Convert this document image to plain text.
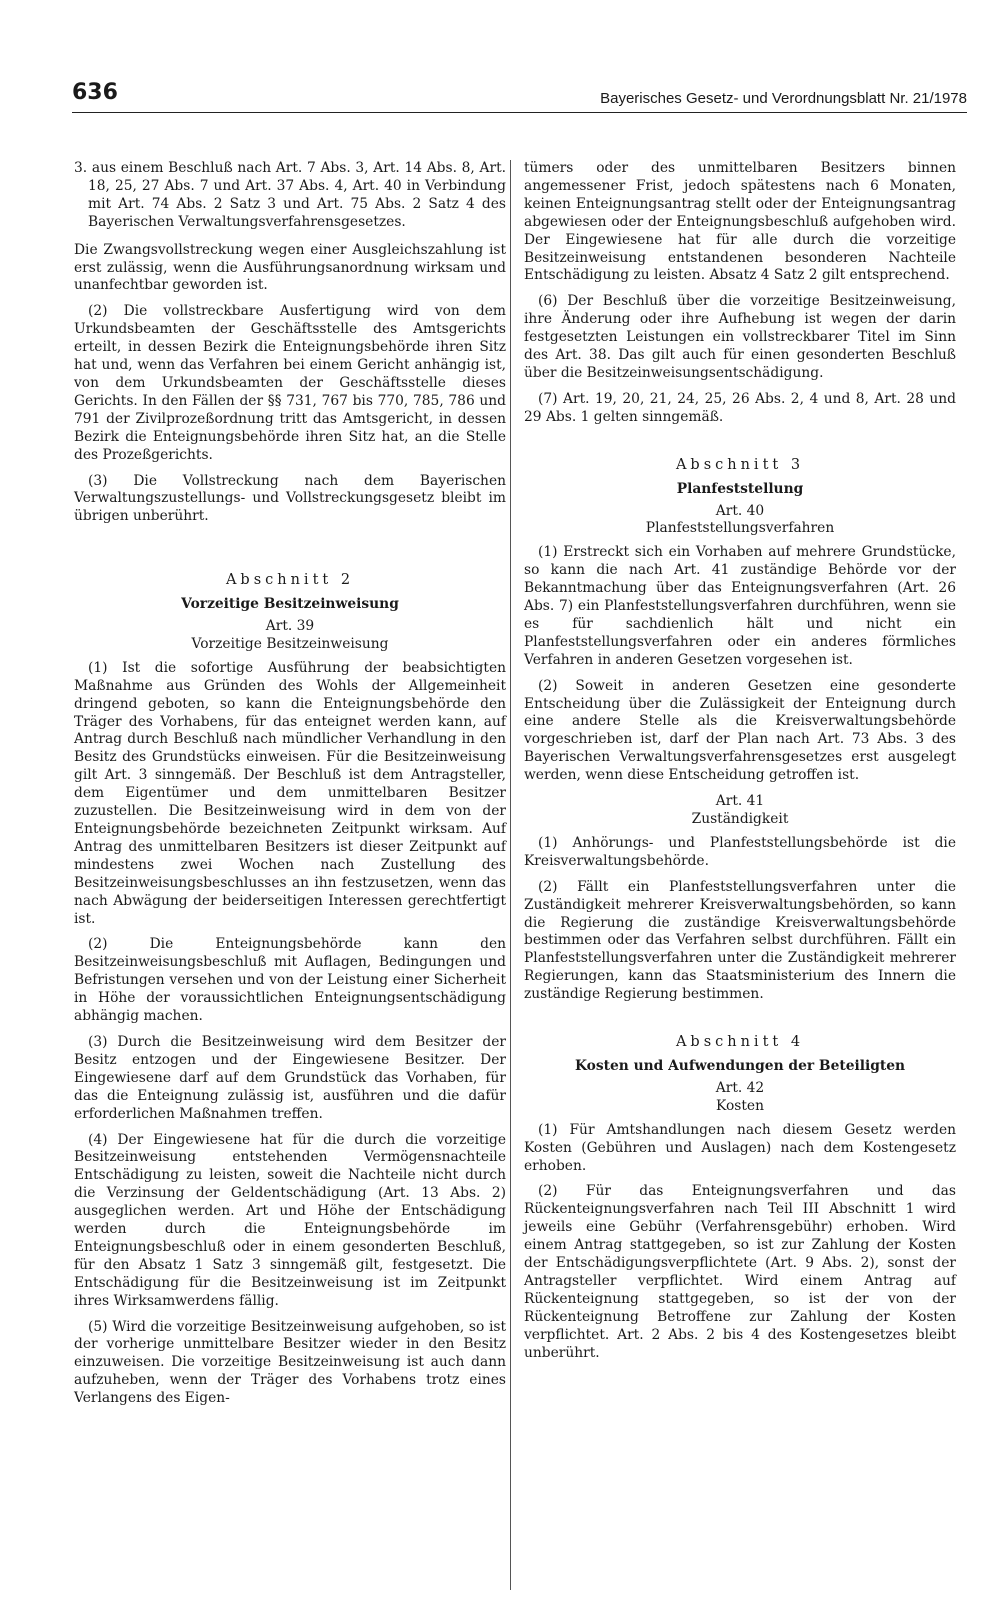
636	Bayerisches Gesetz- und Verordnungsblatt Nr. 21/1978

3. aus einem Beschluß nach Art. 7 Abs. 3, Art. 14 Abs. 8, Art. 18, 25, 27 Abs. 7 und Art. 37 Abs. 4, Art. 40 in Verbindung mit Art. 74 Abs. 2 Satz 3 und Art. 75 Abs. 2 Satz 4 des Bayerischen Verwaltungsverfahrensgesetzes.

Die Zwangsvollstreckung wegen einer Ausgleichszahlung ist erst zulässig, wenn die Ausführungsanordnung wirksam und unanfechtbar geworden ist.

(2) Die vollstreckbare Ausfertigung wird von dem Urkundsbeamten der Geschäftsstelle des Amtsgerichts erteilt, in dessen Bezirk die Enteignungsbehörde ihren Sitz hat und, wenn das Verfahren bei einem Gericht anhängig ist, von dem Urkundsbeamten der Geschäftsstelle dieses Gerichts. In den Fällen der §§ 731, 767 bis 770, 785, 786 und 791 der Zivilprozeßordnung tritt das Amtsgericht, in dessen Bezirk die Enteignungsbehörde ihren Sitz hat, an die Stelle des Prozeßgerichts.

(3) Die Vollstreckung nach dem Bayerischen Verwaltungszustellungs- und Vollstreckungsgesetz bleibt im übrigen unberührt.

Abschnitt 2
Vorzeitige Besitzeinweisung
Art. 39
Vorzeitige Besitzeinweisung

(1) Ist die sofortige Ausführung der beabsichtigten Maßnahme aus Gründen des Wohls der Allgemeinheit dringend geboten, so kann die Enteignungsbehörde den Träger des Vorhabens, für das enteignet werden kann, auf Antrag durch Beschluß nach mündlicher Verhandlung in den Besitz des Grundstücks einweisen. Für die Besitzeinweisung gilt Art. 3 sinngemäß. Der Beschluß ist dem Antragsteller, dem Eigentümer und dem unmittelbaren Besitzer zuzustellen. Die Besitzeinweisung wird in dem von der Enteignungsbehörde bezeichneten Zeitpunkt wirksam. Auf Antrag des unmittelbaren Besitzers ist dieser Zeitpunkt auf mindestens zwei Wochen nach Zustellung des Besitzeinweisungsbeschlusses an ihn festzusetzen, wenn das nach Abwägung der beiderseitigen Interessen gerechtfertigt ist.

(2) Die Enteignungsbehörde kann den Besitzeinweisungsbeschluß mit Auflagen, Bedingungen und Befristungen versehen und von der Leistung einer Sicherheit in Höhe der voraussichtlichen Enteignungsentschädigung abhängig machen.

(3) Durch die Besitzeinweisung wird dem Besitzer der Besitz entzogen und der Eingewiesene Besitzer. Der Eingewiesene darf auf dem Grundstück das Vorhaben, für das die Enteignung zulässig ist, ausführen und die dafür erforderlichen Maßnahmen treffen.

(4) Der Eingewiesene hat für die durch die vorzeitige Besitzeinweisung entstehenden Vermögensnachteile Entschädigung zu leisten, soweit die Nachteile nicht durch die Verzinsung der Geldentschädigung (Art. 13 Abs. 2) ausgeglichen werden. Art und Höhe der Entschädigung werden durch die Enteignungsbehörde im Enteignungsbeschluß oder in einem gesonderten Beschluß, für den Absatz 1 Satz 3 sinngemäß gilt, festgesetzt. Die Entschädigung für die Besitzeinweisung ist im Zeitpunkt ihres Wirksamwerdens fällig.

(5) Wird die vorzeitige Besitzeinweisung aufgehoben, so ist der vorherige unmittelbare Besitzer wieder in den Besitz einzuweisen. Die vorzeitige Besitzeinweisung ist auch dann aufzuheben, wenn der Träger des Vorhabens trotz eines Verlangens des Eigen-

tümers oder des unmittelbaren Besitzers binnen angemessener Frist, jedoch spätestens nach 6 Monaten, keinen Enteignungsantrag stellt oder der Enteignungsantrag abgewiesen oder der Enteignungsbeschluß aufgehoben wird. Der Eingewiesene hat für alle durch die vorzeitige Besitzeinweisung entstandenen besonderen Nachteile Entschädigung zu leisten. Absatz 4 Satz 2 gilt entsprechend.

(6) Der Beschluß über die vorzeitige Besitzeinweisung, ihre Änderung oder ihre Aufhebung ist wegen der darin festgesetzten Leistungen ein vollstreckbarer Titel im Sinn des Art. 38. Das gilt auch für einen gesonderten Beschluß über die Besitzeinweisungsentschädigung.

(7) Art. 19, 20, 21, 24, 25, 26 Abs. 2, 4 und 8, Art. 28 und 29 Abs. 1 gelten sinngemäß.

Abschnitt 3
Planfeststellung
Art. 40
Planfeststellungsverfahren

(1) Erstreckt sich ein Vorhaben auf mehrere Grundstücke, so kann die nach Art. 41 zuständige Behörde vor der Bekanntmachung über das Enteignungsverfahren (Art. 26 Abs. 7) ein Planfeststellungsverfahren durchführen, wenn sie es für sachdienlich hält und nicht ein Planfeststellungsverfahren oder ein anderes förmliches Verfahren in anderen Gesetzen vorgesehen ist.

(2) Soweit in anderen Gesetzen eine gesonderte Entscheidung über die Zulässigkeit der Enteignung durch eine andere Stelle als die Kreisverwaltungsbehörde vorgeschrieben ist, darf der Plan nach Art. 73 Abs. 3 des Bayerischen Verwaltungsverfahrensgesetzes erst ausgelegt werden, wenn diese Entscheidung getroffen ist.

Art. 41
Zuständigkeit

(1) Anhörungs- und Planfeststellungsbehörde ist die Kreisverwaltungsbehörde.

(2) Fällt ein Planfeststellungsverfahren unter die Zuständigkeit mehrerer Kreisverwaltungsbehörden, so kann die Regierung die zuständige Kreisverwaltungsbehörde bestimmen oder das Verfahren selbst durchführen. Fällt ein Planfeststellungsverfahren unter die Zuständigkeit mehrerer Regierungen, kann das Staatsministerium des Innern die zuständige Regierung bestimmen.

Abschnitt 4
Kosten und Aufwendungen der Beteiligten
Art. 42
Kosten

(1) Für Amtshandlungen nach diesem Gesetz werden Kosten (Gebühren und Auslagen) nach dem Kostengesetz erhoben.

(2) Für das Enteignungsverfahren und das Rückenteignungsverfahren nach Teil III Abschnitt 1 wird jeweils eine Gebühr (Verfahrensgebühr) erhoben. Wird einem Antrag stattgegeben, so ist zur Zahlung der Kosten der Entschädigungsverpflichtete (Art. 9 Abs. 2), sonst der Antragsteller verpflichtet. Wird einem Antrag auf Rückenteignung stattgegeben, so ist der von der Rückenteignung Betroffene zur Zahlung der Kosten verpflichtet. Art. 2 Abs. 2 bis 4 des Kostengesetzes bleibt unberührt.
